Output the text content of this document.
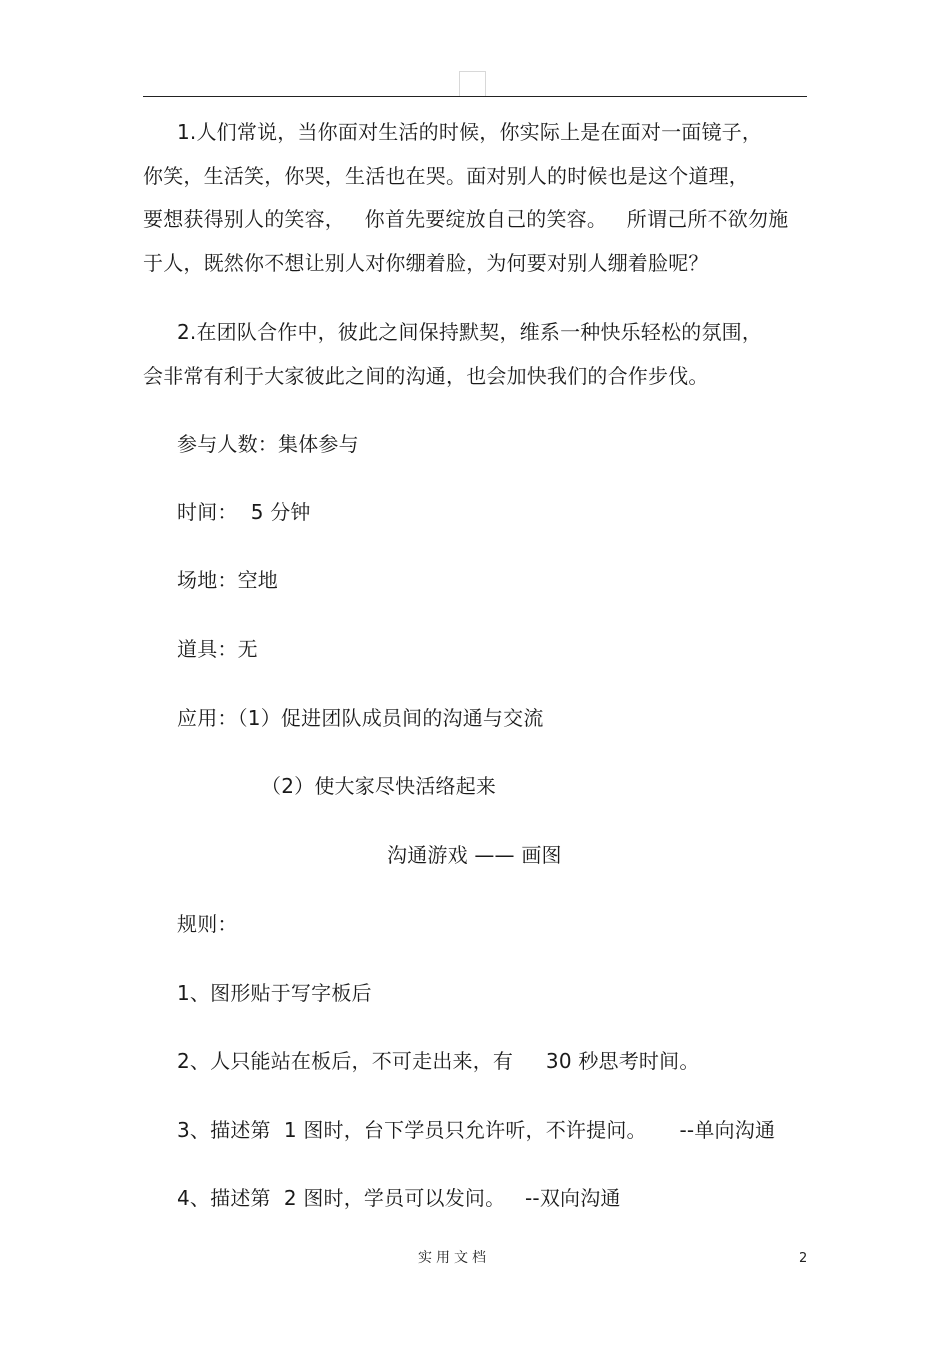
1.人们常说，当你面对生活的时候，你实际上是在面对一面镜子，
你笑，生活笑，你哭，生活也在哭。面对别人的时候也是这个道理，
要想获得别人的笑容，   你首先要绽放自己的笑容。   所谓己所不欲勿施
于人，既然你不想让别人对你绷着脸，为何要对别人绷着脸呢？
2.在团队合作中，彼此之间保持默契，维系一种快乐轻松的氛围，
会非常有利于大家彼此之间的沟通，也会加快我们的合作步伐。
参与人数：集体参与
时间：  5 分钟
场地：空地
道具：无
应用：（1）促进团队成员间的沟通与交流
（2）使大家尽快活络起来
沟通游戏 —— 画图
规则：
1、图形贴于写字板后
2、人只能站在板后，不可走出来，有     30 秒思考时间。
3、描述第  1 图时，台下学员只允许听，不许提问。     --单向沟通
4、描述第  2 图时，学员可以发问。   --双向沟通
实用文档	2
